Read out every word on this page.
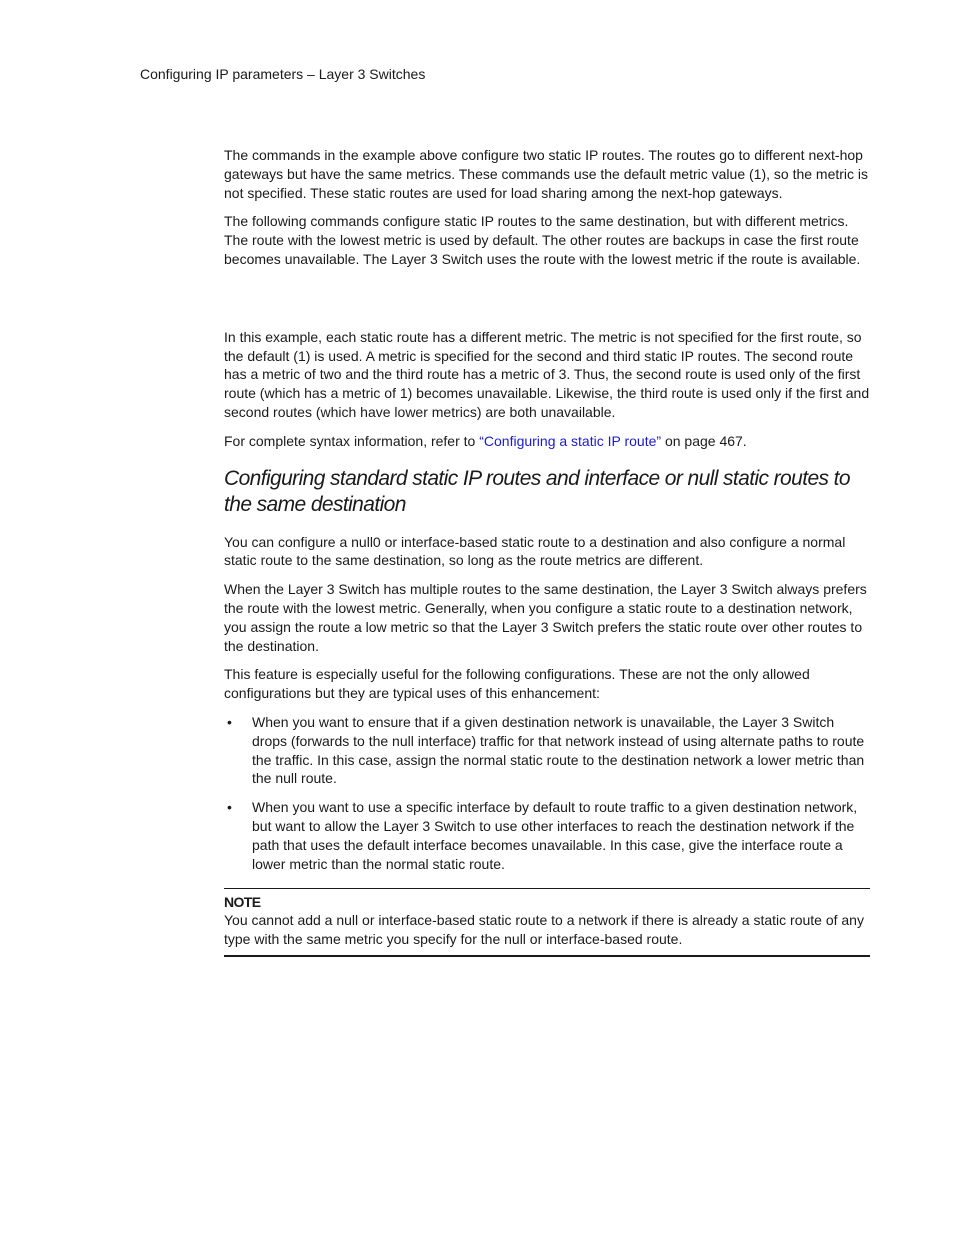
Configuring IP parameters – Layer 3 Switches

The commands in the example above configure two static IP routes. The routes go to different next-hop gateways but have the same metrics. These commands use the default metric value (1), so the metric is not specified. These static routes are used for load sharing among the next-hop gateways.

The following commands configure static IP routes to the same destination, but with different metrics. The route with the lowest metric is used by default. The other routes are backups in case the first route becomes unavailable. The Layer 3 Switch uses the route with the lowest metric if the route is available.

In this example, each static route has a different metric. The metric is not specified for the first route, so the default (1) is used. A metric is specified for the second and third static IP routes. The second route has a metric of two and the third route has a metric of 3. Thus, the second route is used only of the first route (which has a metric of 1) becomes unavailable. Likewise, the third route is used only if the first and second routes (which have lower metrics) are both unavailable.

For complete syntax information, refer to “Configuring a static IP route” on page 467.

Configuring standard static IP routes and interface or null static routes to the same destination

You can configure a null0 or interface-based static route to a destination and also configure a normal static route to the same destination, so long as the route metrics are different.

When the Layer 3 Switch has multiple routes to the same destination, the Layer 3 Switch always prefers the route with the lowest metric. Generally, when you configure a static route to a destination network, you assign the route a low metric so that the Layer 3 Switch prefers the static route over other routes to the destination.

This feature is especially useful for the following configurations. These are not the only allowed configurations but they are typical uses of this enhancement:

• When you want to ensure that if a given destination network is unavailable, the Layer 3 Switch drops (forwards to the null interface) traffic for that network instead of using alternate paths to route the traffic. In this case, assign the normal static route to the destination network a lower metric than the null route.
• When you want to use a specific interface by default to route traffic to a given destination network, but want to allow the Layer 3 Switch to use other interfaces to reach the destination network if the path that uses the default interface becomes unavailable. In this case, give the interface route a lower metric than the normal static route.
NOTE
You cannot add a null or interface-based static route to a network if there is already a static route of any type with the same metric you specify for the null or interface-based route.
